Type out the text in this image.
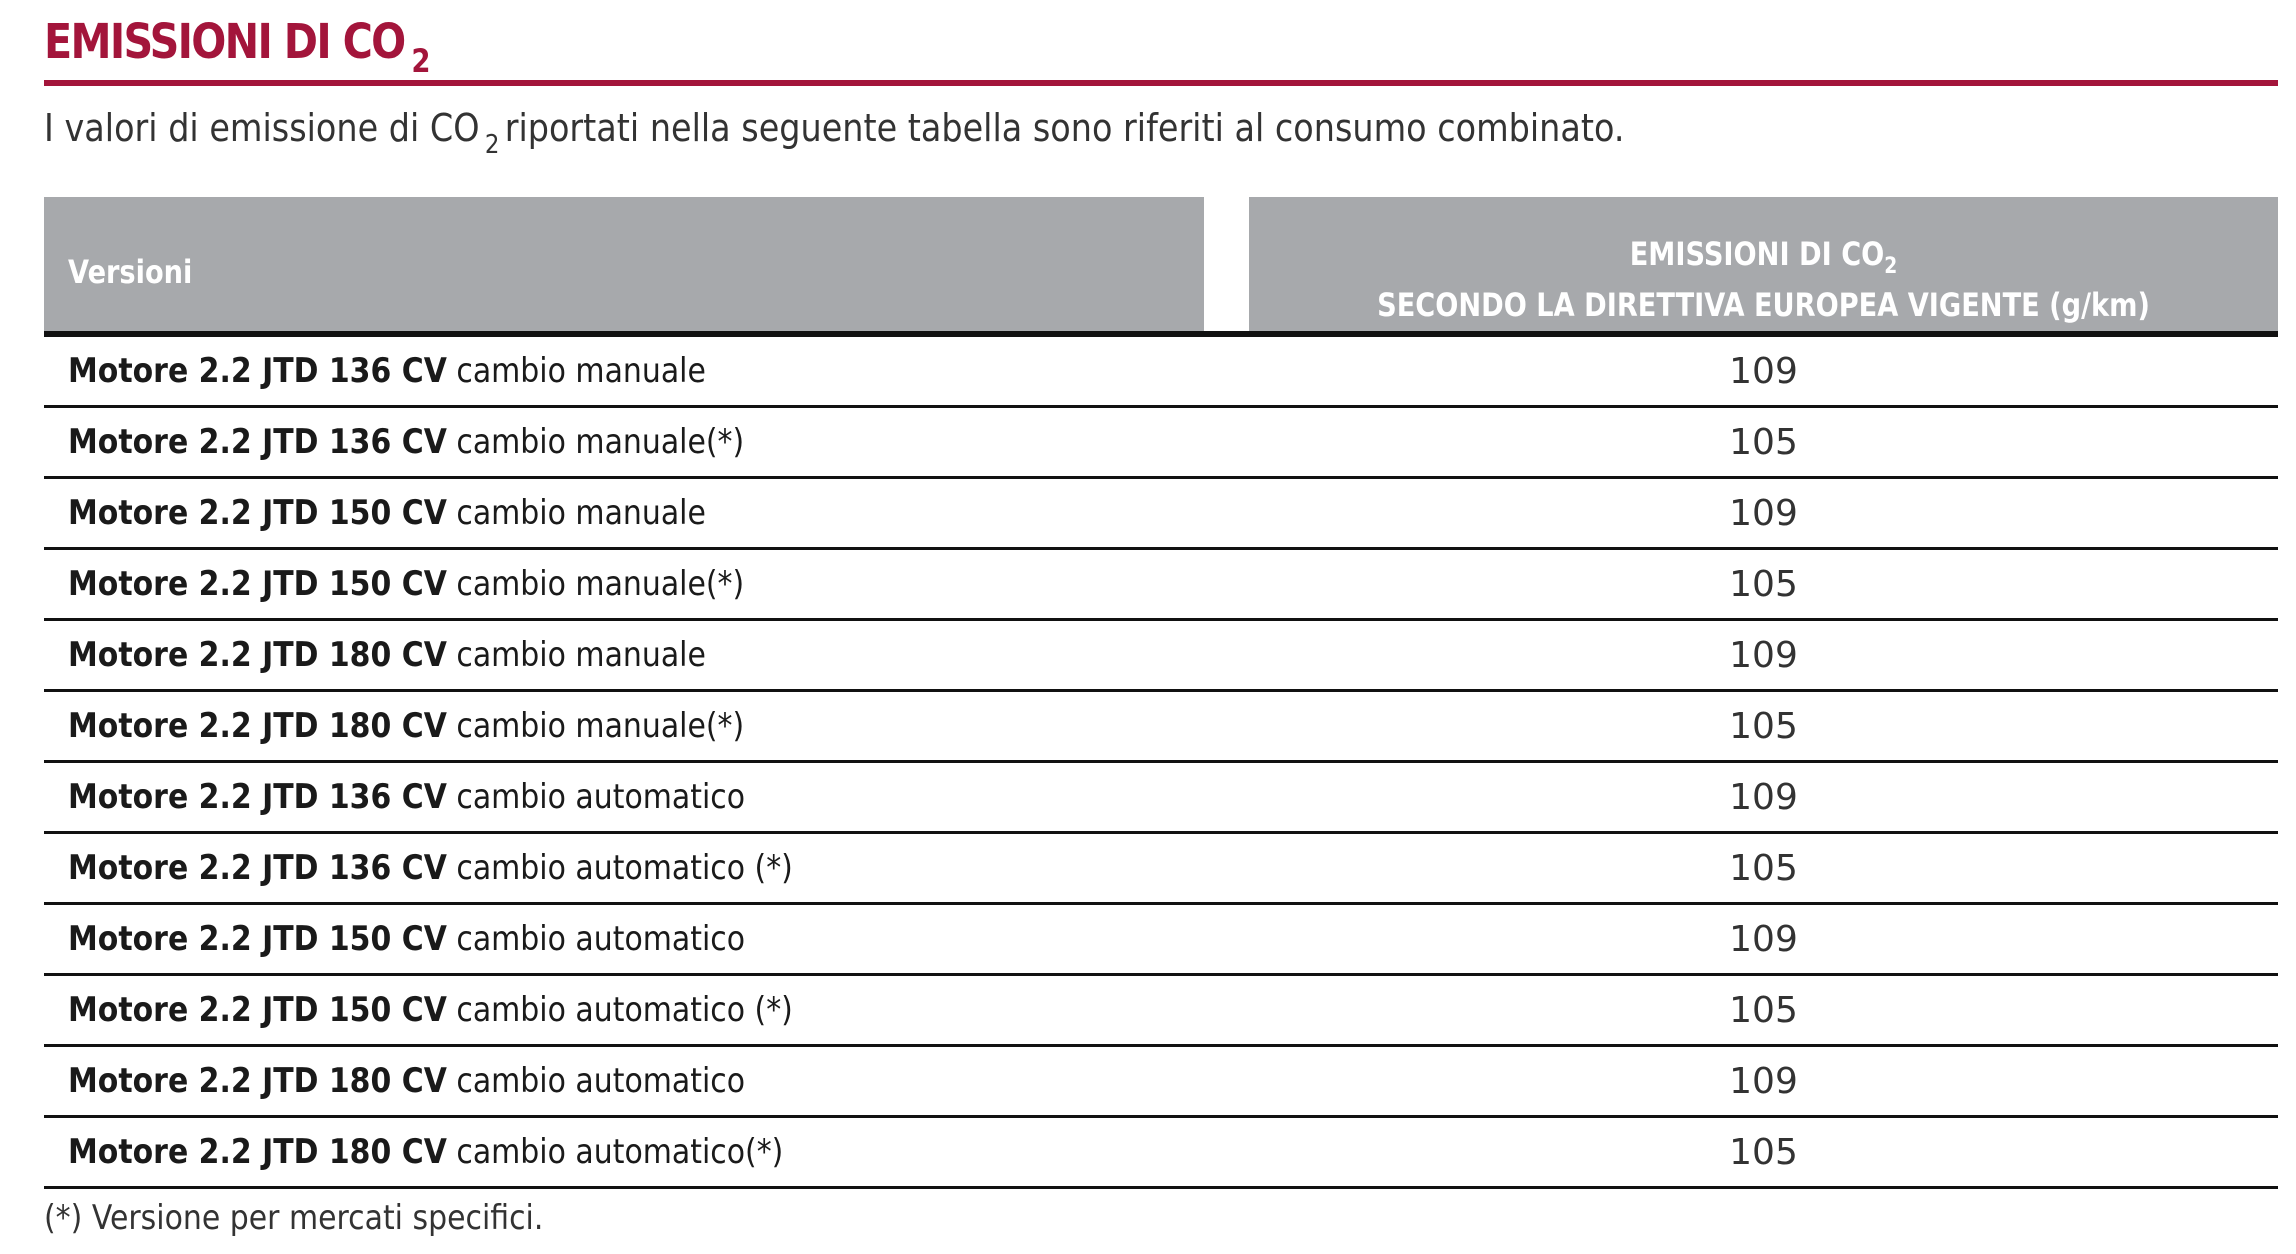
EMISSIONI DI CO $_2$
I valori di emissione di CO $_2$ riportati nella seguente tabella sono riferiti al consumo combinato.
Versioni	EMISSIONI DI $CO_2$
SECONDO LA DIRETTIVA EUROPEA VIGENTE (g/km)
Motore 2.2 JTD 136 CV cambio manuale	109
Motore 2.2 JTD 136 CV cambio manuale(*)	105
Motore 2.2 JTD 150 CV cambio manuale	109
Motore 2.2 JTD 150 CV cambio manuale(*)	105
Motore 2.2 JTD 180 CV cambio manuale	109
Motore 2.2 JTD 180 CV cambio manuale(*)	105
Motore 2.2 JTD 136 CV cambio automatico	109
Motore 2.2 JTD 136 CV cambio automatico (*)	105
Motore 2.2 JTD 150 CV cambio automatico	109
Motore 2.2 JTD 150 CV cambio automatico (*)	105
Motore 2.2 JTD 180 CV cambio automatico	109
Motore 2.2 JTD 180 CV cambio automatico(*)	105
(*) Versione per mercati specifici.
